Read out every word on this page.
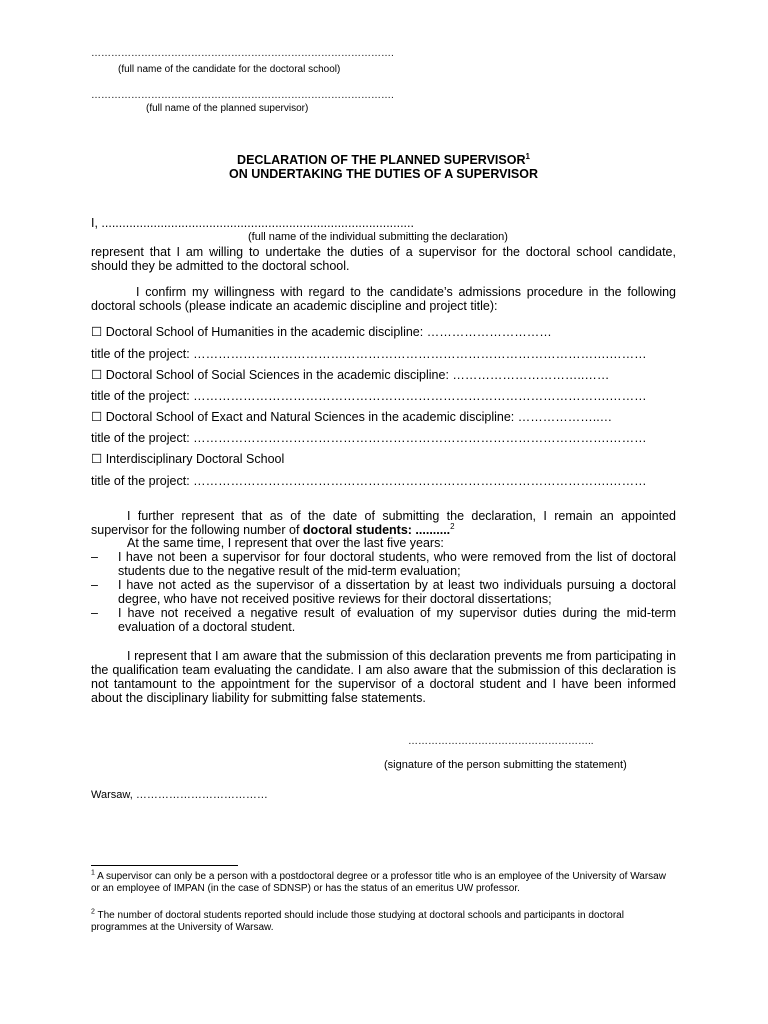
……………………………………………………………………………….
(full name of the candidate for the doctoral school)
……………………………………………………………………………….
(full name of the planned supervisor)
DECLARATION OF THE PLANNED SUPERVISOR$^1$
ON UNDERTAKING THE DUTIES OF A SUPERVISOR
I, ..........................................................................................
(full name of the individual submitting the declaration)
represent that I am willing to undertake the duties of a supervisor for the doctoral school candidate, should they be admitted to the doctoral school.
I confirm my willingness with regard to the candidate’s admissions procedure in the following doctoral schools (please indicate an academic discipline and project title):
☐ Doctoral School of Humanities in the academic discipline: …………………………
title of the project: ……………………………………………………………………………………….………
☐ Doctoral School of Social Sciences in the academic discipline: …………………………..……
title of the project: ……………………………………………………………………………………….………
☐ Doctoral School of Exact and Natural Sciences in the academic discipline: ………………..…
title of the project: ……………………………………………………………………………………….………
☐ Interdisciplinary Doctoral School
title of the project: ……………………………………………………………………………………….………
I further represent that as of the date of submitting the declaration, I remain an appointed supervisor for the following number of doctoral students: ..........$^2$
At the same time, I represent that over the last five years:
– I have not been a supervisor for four doctoral students, who were removed from the list of doctoral students due to the negative result of the mid-term evaluation;
– I have not acted as the supervisor of a dissertation by at least two individuals pursuing a doctoral degree, who have not received positive reviews for their doctoral dissertations;
– I have not received a negative result of evaluation of my supervisor duties during the mid-term evaluation of a doctoral student.
I represent that I am aware that the submission of this declaration prevents me from participating in the qualification team evaluating the candidate. I am also aware that the submission of this declaration is not tantamount to the appointment for the supervisor of a doctoral student and I have been informed about the disciplinary liability for submitting false statements.
………………………………………………..
(signature of the person submitting the statement)
Warsaw, ………………………………
$^1$ A supervisor can only be a person with a postdoctoral degree or a professor title who is an employee of the University of Warsaw or an employee of IMPAN (in the case of SDNSP) or has the status of an emeritus UW professor.
$^2$ The number of doctoral students reported should include those studying at doctoral schools and participants in doctoral programmes at the University of Warsaw.
